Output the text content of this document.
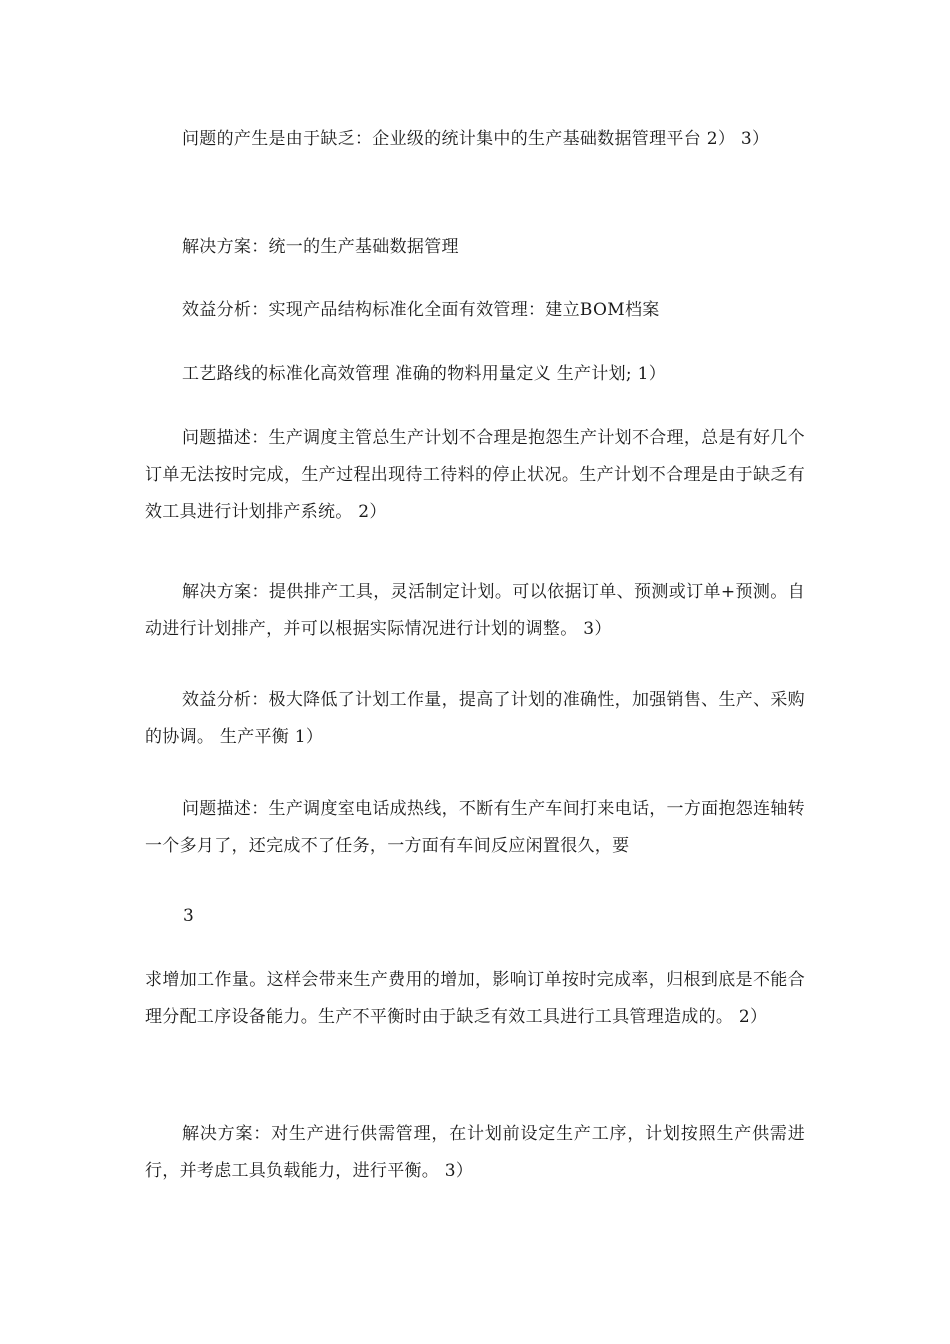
问题的产生是由于缺乏：企业级的统计集中的生产基础数据管理平台 2） 3）

解决方案：统一的生产基础数据管理

效益分析：实现产品结构标准化全面有效管理：建立BOM档案

工艺路线的标准化高效管理 准确的物料用量定义 生产计划; 1）

问题描述：生产调度主管总生产计划不合理是抱怨生产计划不合理，总是有好几个订单无法按时完成，生产过程出现待工待料的停止状况。生产计划不合理是由于缺乏有效工具进行计划排产系统。 2）

解决方案：提供排产工具，灵活制定计划。可以依据订单、预测或订单+预测。自动进行计划排产，并可以根据实际情况进行计划的调整。 3）

效益分析：极大降低了计划工作量，提高了计划的准确性，加强销售、生产、采购的协调。 生产平衡 1）

问题描述：生产调度室电话成热线，不断有生产车间打来电话，一方面抱怨连轴转一个多月了，还完成不了任务，一方面有车间反应闲置很久，要

3

求增加工作量。这样会带来生产费用的增加，影响订单按时完成率，归根到底是不能合理分配工序设备能力。生产不平衡时由于缺乏有效工具进行工具管理造成的。 2）

解决方案：对生产进行供需管理，在计划前设定生产工序，计划按照生产供需进行，并考虑工具负载能力，进行平衡。 3）
